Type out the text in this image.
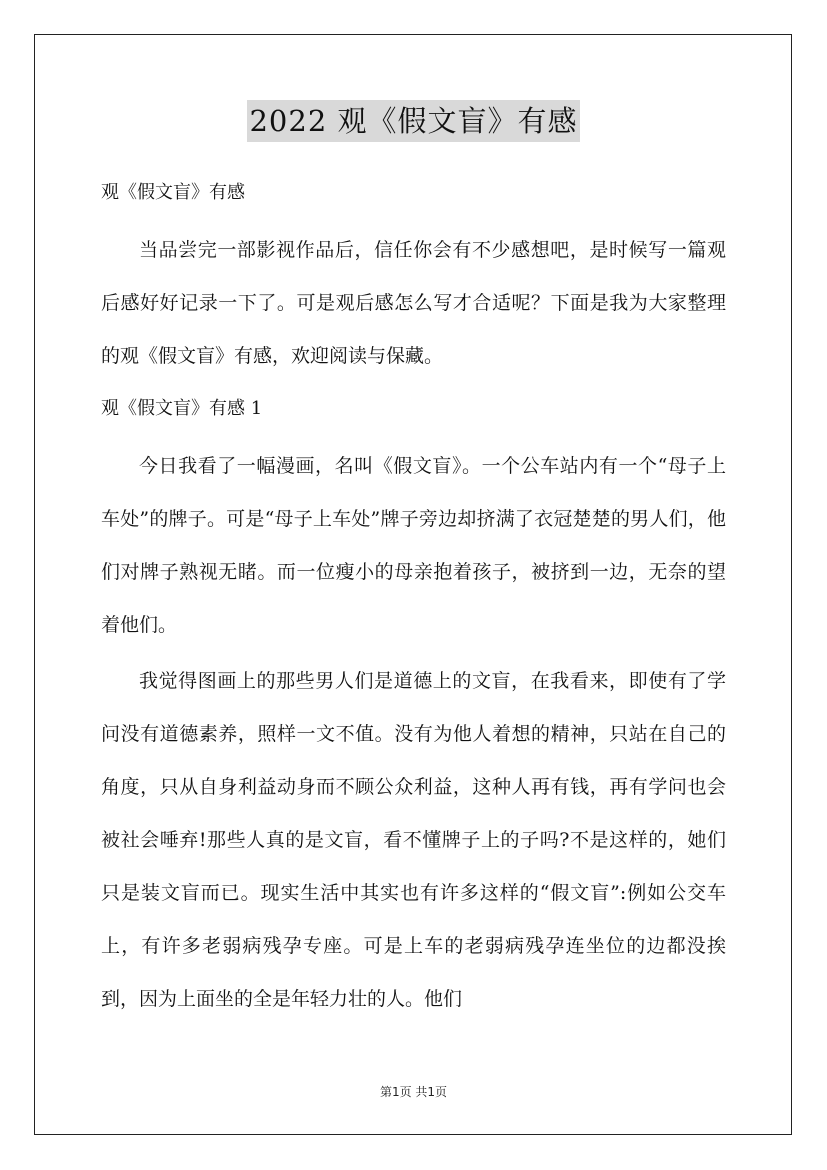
2022 观《假文盲》有感

观《假文盲》有感

当品尝完一部影视作品后，信任你会有不少感想吧，是时候写一篇观后感好好记录一下了。可是观后感怎么写才合适呢？下面是我为大家整理的观《假文盲》有感，欢迎阅读与保藏。

观《假文盲》有感 1

今日我看了一幅漫画，名叫《假文盲》。一个公车站内有一个“母子上车处”的牌子。可是“母子上车处”牌子旁边却挤满了衣冠楚楚的男人们，他们对牌子熟视无睹。而一位瘦小的母亲抱着孩子，被挤到一边，无奈的望着他们。

我觉得图画上的那些男人们是道德上的文盲，在我看来，即使有了学问没有道德素养，照样一文不值。没有为他人着想的精神，只站在自己的角度，只从自身利益动身而不顾公众利益，这种人再有钱，再有学问也会被社会唾弃!那些人真的是文盲，看不懂牌子上的子吗?不是这样的，她们只是装文盲而已。现实生活中其实也有许多这样的“假文盲”:例如公交车上，有许多老弱病残孕专座。可是上车的老弱病残孕连坐位的边都没挨到，因为上面坐的全是年轻力壮的人。他们

第1页 共1页
